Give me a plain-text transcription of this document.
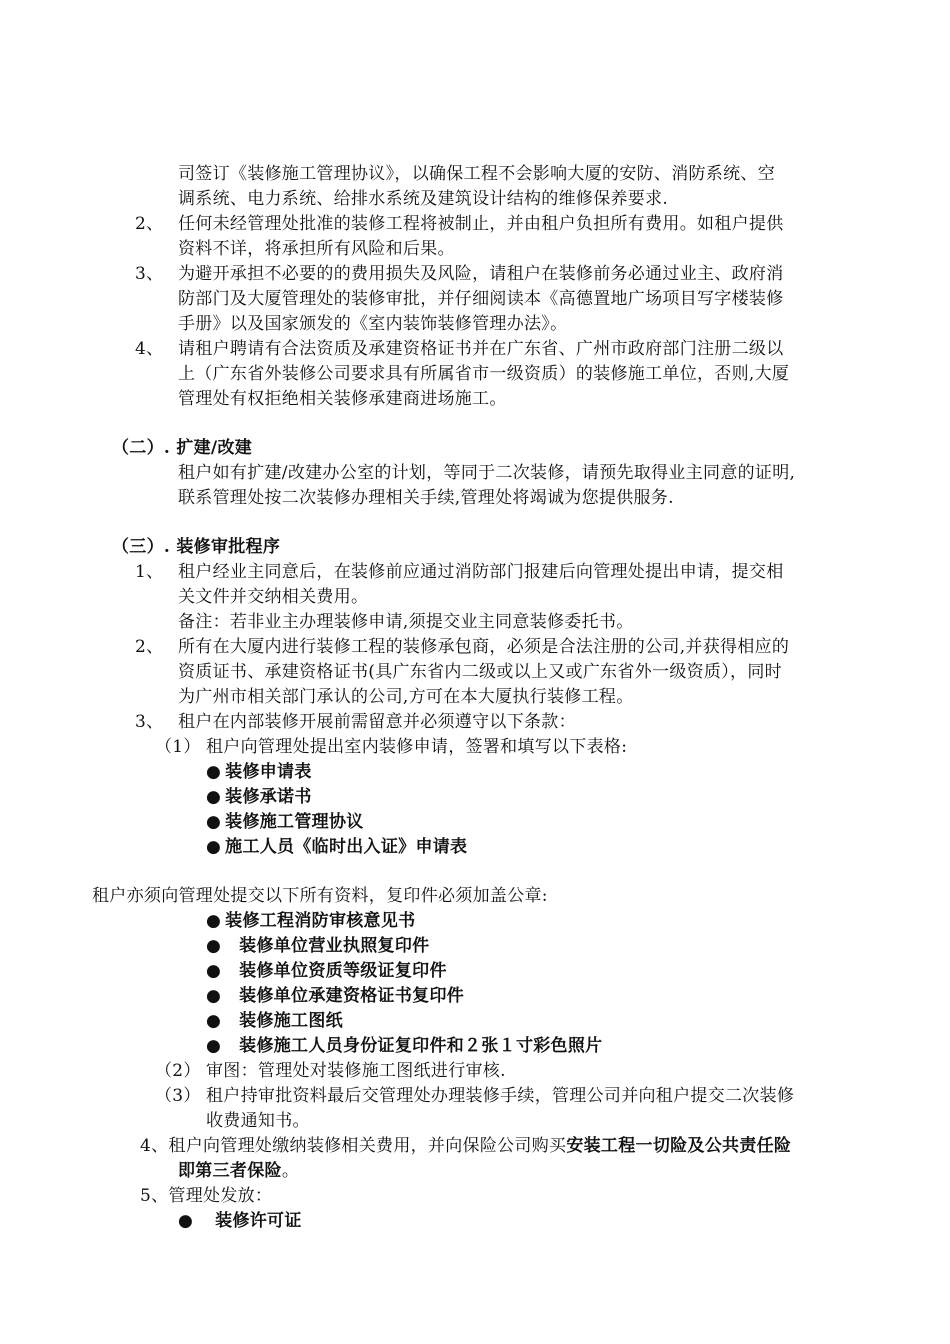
司签订《装修施工管理协议》，以确保工程不会影响大厦的安防、消防系统、空
调系统、电力系统、给排水系统及建筑设计结构的维修保养要求.
2、 任何未经管理处批准的装修工程将被制止，并由租户负担所有费用。如租户提供
资料不详，将承担所有风险和后果。
3、 为避开承担不必要的的费用损失及风险，请租户在装修前务必通过业主、政府消
防部门及大厦管理处的装修审批，并仔细阅读本《高德置地广场项目写字楼装修
手册》以及国家颁发的《室内装饰装修管理办法》。
4、 请租户聘请有合法资质及承建资格证书并在广东省、广州市政府部门注册二级以
上（广东省外装修公司要求具有所属省市一级资质）的装修施工单位，否则,大厦
管理处有权拒绝相关装修承建商进场施工。
（二）. 扩建/改建
租户如有扩建/改建办公室的计划，等同于二次装修，请预先取得业主同意的证明,
联系管理处按二次装修办理相关手续,管理处将竭诚为您提供服务.
（三）. 装修审批程序
1、 租户经业主同意后，在装修前应通过消防部门报建后向管理处提出申请，提交相
关文件并交纳相关费用。
备注：若非业主办理装修申请,须提交业主同意装修委托书。
2、 所有在大厦内进行装修工程的装修承包商，必须是合法注册的公司,并获得相应的
资质证书、承建资格证书(具广东省内二级或以上又或广东省外一级资质），同时
为广州市相关部门承认的公司,方可在本大厦执行装修工程。
3、 租户在内部装修开展前需留意并必须遵守以下条款：
（1） 租户向管理处提出室内装修申请，签署和填写以下表格:
● 装修申请表
● 装修承诺书
● 装修施工管理协议
● 施工人员《临时出入证》申请表
租户亦须向管理处提交以下所有资料，复印件必须加盖公章:
● 装修工程消防审核意见书
● 装修单位营业执照复印件
● 装修单位资质等级证复印件
● 装修单位承建资格证书复印件
● 装修施工图纸
● 装修施工人员身份证复印件和２张１寸彩色照片
（2） 审图：管理处对装修施工图纸进行审核.
（3） 租户持审批资料最后交管理处办理装修手续，管理公司并向租户提交二次装修
收费通知书。
4、租户向管理处缴纳装修相关费用，并向保险公司购买安装工程一切险及公共责任险
即第三者保险。
5、管理处发放：
● 装修许可证
